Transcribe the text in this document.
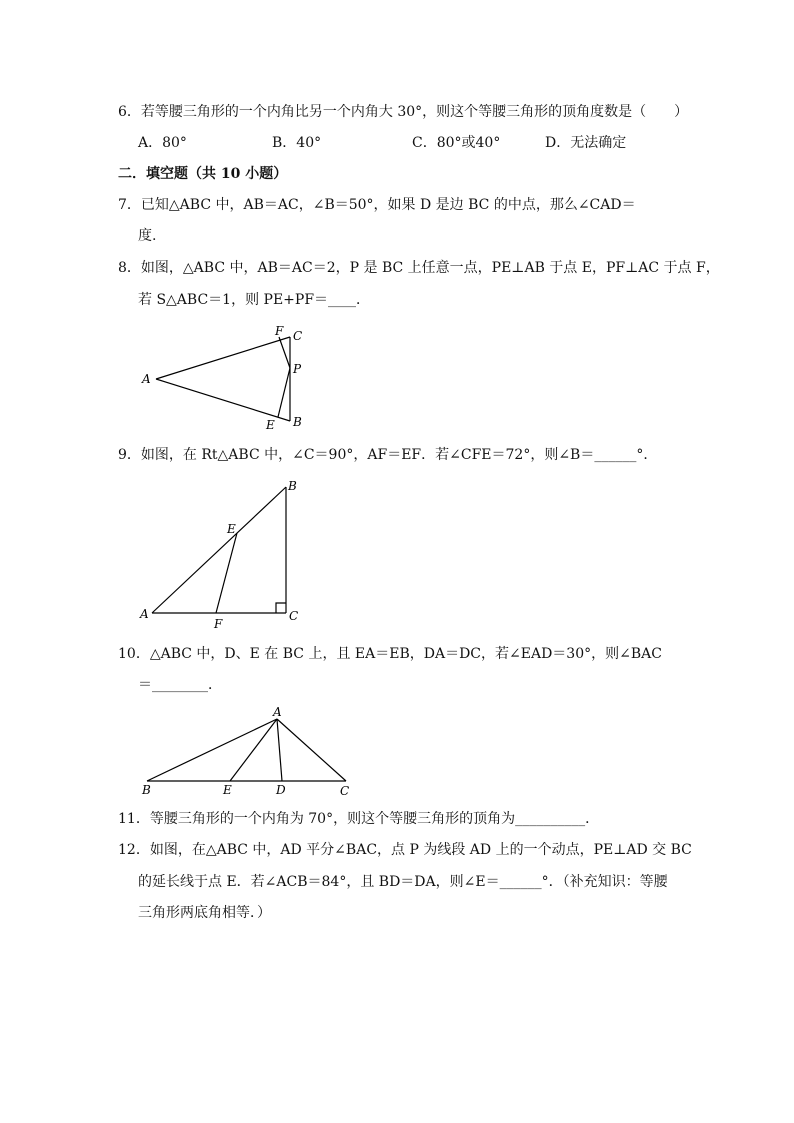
6．若等腰三角形的一个内角比另一个内角大 30°，则这个等腰三角形的顶角度数是（　　）
A．80°	B．40°	C．80°或40°	D．无法确定
二．填空题（共 10 小题）
7．已知△ABC 中，AB＝AC，∠B＝50°，如果 D 是边 BC 的中点，那么∠CAD＝
度.
8．如图，△ABC 中，AB＝AC＝2，P 是 BC 上任意一点，PE⊥AB 于点 E，PF⊥AC 于点 F，
若 S△ABC＝1，则 PE+PF＝____．
A
F C
P
B
E
9．如图，在 Rt△ABC 中，∠C＝90°，AF＝EF．若∠CFE＝72°，则∠B＝______°．
A
B
C
E
F
10．△ABC 中，D、E 在 BC 上，且 EA＝EB，DA＝DC，若∠EAD＝30°，则∠BAC
＝________．
A
B	E	D	C
11．等腰三角形的一个内角为 70°，则这个等腰三角形的顶角为__________．
12．如图，在△ABC 中，AD 平分∠BAC，点 P 为线段 AD 上的一个动点，PE⊥AD 交 BC
的延长线于点 E．若∠ACB＝84°，且 BD＝DA，则∠E＝______°．（补充知识：等腰
三角形两底角相等．）
